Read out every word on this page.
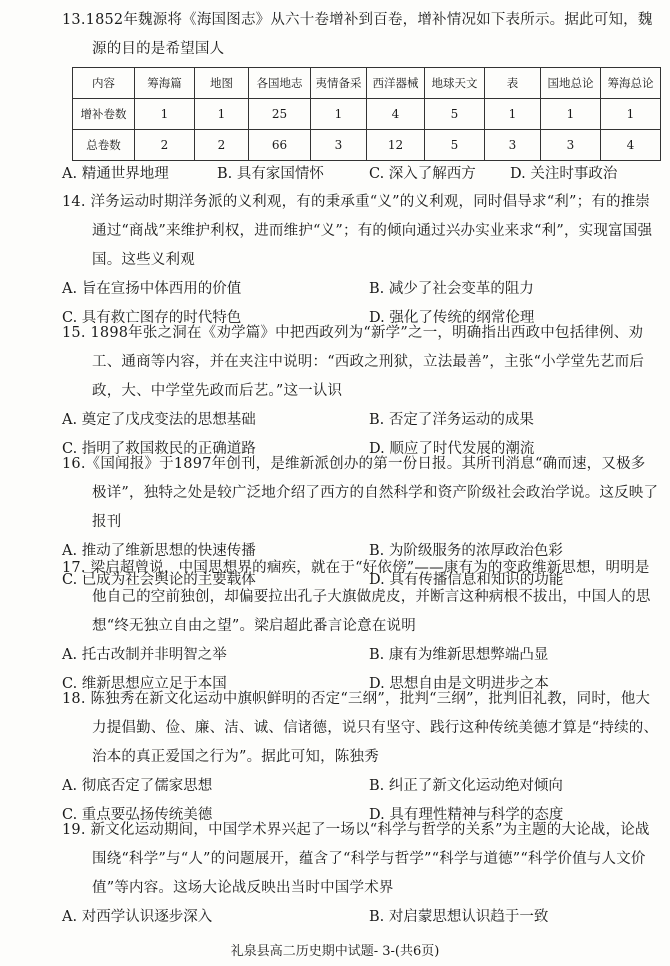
13.1852年魏源将《海国图志》从六十卷增补到百卷，增补情况如下表所示。据此可知，魏源的目的是希望国人

内容	筹海篇	地图	各国地志	夷情备采	西洋器械	地球天文	表	国地总论	筹海总论
增补卷数	1	1	25	1	4	5	1	1	1
总卷数	2	2	66	3	12	5	3	3	4
A. 精通世界地理	B. 具有家国情怀	C. 深入了解西方 D. 关注时事政治

14. 洋务运动时期洋务派的义利观，有的秉承重“义”的义利观，同时倡导求“利”；有的推崇通过“商战”来维护利权，进而维护“义”；有的倾向通过兴办实业来求“利”，实现富国强国。这些义利观

A. 旨在宣扬中体西用的价值	B. 减少了社会变革的阻力
C. 具有救亡图存的时代特色	D. 强化了传统的纲常伦理

15. 1898年张之洞在《劝学篇》中把西政列为“新学”之一，明确指出西政中包括律例、劝工、通商等内容，并在夹注中说明：“西政之刑狱，立法最善”，主张“小学堂先艺而后政，大、中学堂先政而后艺。”这一认识

A. 奠定了戊戌变法的思想基础	B. 否定了洋务运动的成果
C. 指明了救国救民的正确道路	D. 顺应了时代发展的潮流

16.《国闻报》于1897年创刊，是维新派创办的第一份日报。其所刊消息“确而速，又极多极详”，独特之处是较广泛地介绍了西方的自然科学和资产阶级社会政治学说。这反映了报刊

A. 推动了维新思想的快速传播	B. 为阶级服务的浓厚政治色彩
C. 已成为社会舆论的主要载体	D. 具有传播信息和知识的功能

17. 梁启超曾说，中国思想界的痼疾，就在于“好依傍”——康有为的变政维新思想，明明是他自己的空前独创，却偏要拉出孔子大旗做虎皮，并断言这种病根不拔出，中国人的思想“终无独立自由之望”。梁启超此番言论意在说明

A. 托古改制并非明智之举	B. 康有为维新思想弊端凸显
C. 维新思想应立足于本国	D. 思想自由是文明进步之本

18. 陈独秀在新文化运动中旗帜鲜明的否定“三纲”，批判“三纲”，批判旧礼教，同时，他大力提倡勤、俭、廉、洁、诚、信诸德，说只有坚守、践行这种传统美德才算是“持续的、治本的真正爱国之行为”。据此可知，陈独秀

A. 彻底否定了儒家思想	B. 纠正了新文化运动绝对倾向
C. 重点要弘扬传统美德	D. 具有理性精神与科学的态度

19. 新文化运动期间，中国学术界兴起了一场以“科学与哲学的关系”为主题的大论战，论战围绕“科学”与“人”的问题展开，蕴含了“科学与哲学”“科学与道德”“科学价值与人文价值”等内容。这场大论战反映出当时中国学术界

A. 对西学认识逐步深入	B. 对启蒙思想认识趋于一致
礼泉县高二历史期中试题- 3-(共6页)
